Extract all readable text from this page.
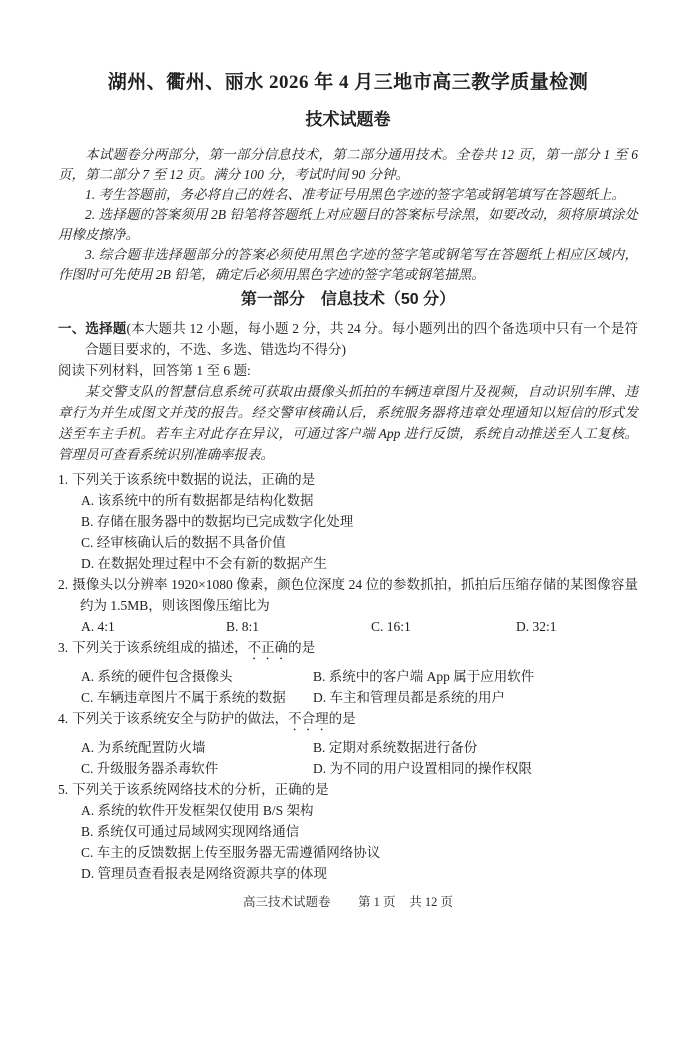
湖州、衢州、丽水 2026 年 4 月三地市高三教学质量检测
技术试题卷

本试题卷分两部分，第一部分信息技术，第二部分通用技术。全卷共 12 页，第一部分 1 至 6 页，第二部分 7 至 12 页。满分 100 分，考试时间 90 分钟。

1. 考生答题前，务必将自己的姓名、准考证号用黑色字迹的签字笔或钢笔填写在答题纸上。

2. 选择题的答案须用 2B 铅笔将答题纸上对应题目的答案标号涂黑，如要改动，须将原填涂处用橡皮擦净。

3. 综合题非选择题部分的答案必须使用黑色字迹的签字笔或钢笔写在答题纸上相应区域内，作图时可先使用 2B 铅笔，确定后必须用黑色字迹的签字笔或钢笔描黑。

第一部分　信息技术（50 分）

一、选择题(本大题共 12 小题，每小题 2 分，共 24 分。每小题列出的四个备选项中只有一个是符合题目要求的，不选、多选、错选均不得分)

阅读下列材料，回答第 1 至 6 题:

某交警支队的智慧信息系统可获取由摄像头抓拍的车辆违章图片及视频，自动识别车牌、违章行为并生成图文并茂的报告。经交警审核确认后，系统服务器将违章处理通知以短信的形式发送至车主手机。若车主对此存在异议，可通过客户端 App 进行反馈，系统自动推送至人工复核。管理员可查看系统识别准确率报表。

1. 下列关于该系统中数据的说法，正确的是

A. 该系统中的所有数据都是结构化数据

B. 存储在服务器中的数据均已完成数字化处理

C. 经审核确认后的数据不具备价值

D. 在数据处理过程中不会有新的数据产生

2. 摄像头以分辨率 1920×1080 像素，颜色位深度 24 位的参数抓拍，抓拍后压缩存储的某图像容量约为 1.5MB，则该图像压缩比为

A. 4:1	B. 8:1	C. 16:1	D. 32:1

3. 下列关于该系统组成的描述，不正确的是

A. 系统的硬件包含摄像头	B. 系统中的客户端 App 属于应用软件

C. 车辆违章图片不属于系统的数据	D. 车主和管理员都是系统的用户

4. 下列关于该系统安全与防护的做法，不合理的是

A. 为系统配置防火墙	B. 定期对系统数据进行备份

C. 升级服务器杀毒软件	D. 为不同的用户设置相同的操作权限

5. 下列关于该系统网络技术的分析，正确的是

A. 系统的软件开发框架仅使用 B/S 架构

B. 系统仅可通过局域网实现网络通信

C. 车主的反馈数据上传至服务器无需遵循网络协议

D. 管理员查看报表是网络资源共享的体现

高三技术试题卷 第 1 页 共 12 页
